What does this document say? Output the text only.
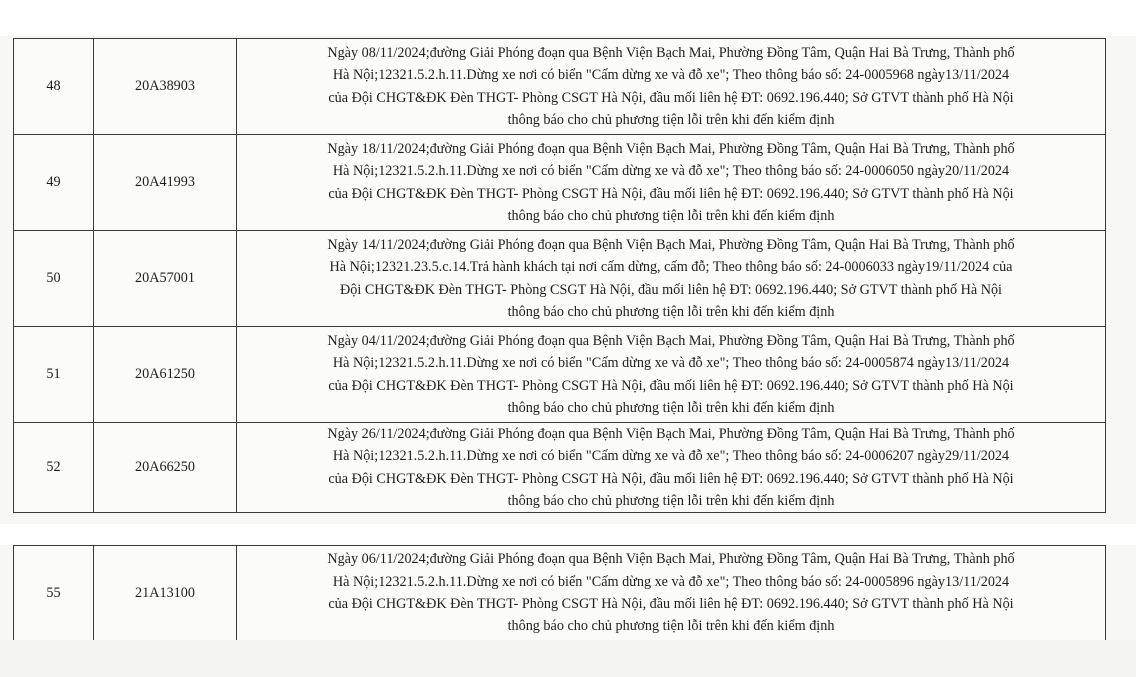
48	20A38903	Ngày 08/11/2024;đường Giải Phóng đoạn qua Bệnh Viện Bạch Mai, Phường Đồng Tâm, Quận Hai Bà Trưng, Thành phố
Hà Nội;12321.5.2.h.11.Dừng xe nơi có biển "Cấm dừng xe và đỗ xe"; Theo thông báo số: 24-0005968 ngày13/11/2024
của Đội CHGT&ĐK Đèn THGT- Phòng CSGT Hà Nội, đầu mối liên hệ ĐT: 0692.196.440; Sở GTVT thành phố Hà Nội
thông báo cho chủ phương tiện lỗi trên khi đến kiểm định

49	20A41993	Ngày 18/11/2024;đường Giải Phóng đoạn qua Bệnh Viện Bạch Mai, Phường Đồng Tâm, Quận Hai Bà Trưng, Thành phố
Hà Nội;12321.5.2.h.11.Dừng xe nơi có biển "Cấm dừng xe và đỗ xe"; Theo thông báo số: 24-0006050 ngày20/11/2024
của Đội CHGT&ĐK Đèn THGT- Phòng CSGT Hà Nội, đầu mối liên hệ ĐT: 0692.196.440; Sở GTVT thành phố Hà Nội
thông báo cho chủ phương tiện lỗi trên khi đến kiểm định

50	20A57001	Ngày 14/11/2024;đường Giải Phóng đoạn qua Bệnh Viện Bạch Mai, Phường Đồng Tâm, Quận Hai Bà Trưng, Thành phố
Hà Nội;12321.23.5.c.14.Trả hành khách tại nơi cấm dừng, cấm đỗ; Theo thông báo số: 24-0006033 ngày19/11/2024 của
Đội CHGT&ĐK Đèn THGT- Phòng CSGT Hà Nội, đầu mối liên hệ ĐT: 0692.196.440; Sở GTVT thành phố Hà Nội
thông báo cho chủ phương tiện lỗi trên khi đến kiểm định

51	20A61250	Ngày 04/11/2024;đường Giải Phóng đoạn qua Bệnh Viện Bạch Mai, Phường Đồng Tâm, Quận Hai Bà Trưng, Thành phố
Hà Nội;12321.5.2.h.11.Dừng xe nơi có biển "Cấm dừng xe và đỗ xe"; Theo thông báo số: 24-0005874 ngày13/11/2024
của Đội CHGT&ĐK Đèn THGT- Phòng CSGT Hà Nội, đầu mối liên hệ ĐT: 0692.196.440; Sở GTVT thành phố Hà Nội
thông báo cho chủ phương tiện lỗi trên khi đến kiểm định

52	20A66250	Ngày 26/11/2024;đường Giải Phóng đoạn qua Bệnh Viện Bạch Mai, Phường Đồng Tâm, Quận Hai Bà Trưng, Thành phố
Hà Nội;12321.5.2.h.11.Dừng xe nơi có biển "Cấm dừng xe và đỗ xe"; Theo thông báo số: 24-0006207 ngày29/11/2024
của Đội CHGT&ĐK Đèn THGT- Phòng CSGT Hà Nội, đầu mối liên hệ ĐT: 0692.196.440; Sở GTVT thành phố Hà Nội
thông báo cho chủ phương tiện lỗi trên khi đến kiểm định
55	21A13100	
Ngày 06/11/2024;đường Giải Phóng đoạn qua Bệnh Viện Bạch Mai, Phường Đồng Tâm, Quận Hai Bà Trưng, Thành phố
Hà Nội;12321.5.2.h.11.Dừng xe nơi có biển "Cấm dừng xe và đỗ xe"; Theo thông báo số: 24-0005896 ngày13/11/2024
của Đội CHGT&ĐK Đèn THGT- Phòng CSGT Hà Nội, đầu mối liên hệ ĐT: 0692.196.440; Sở GTVT thành phố Hà Nội
thông báo cho chủ phương tiện lỗi trên khi đến kiểm định
